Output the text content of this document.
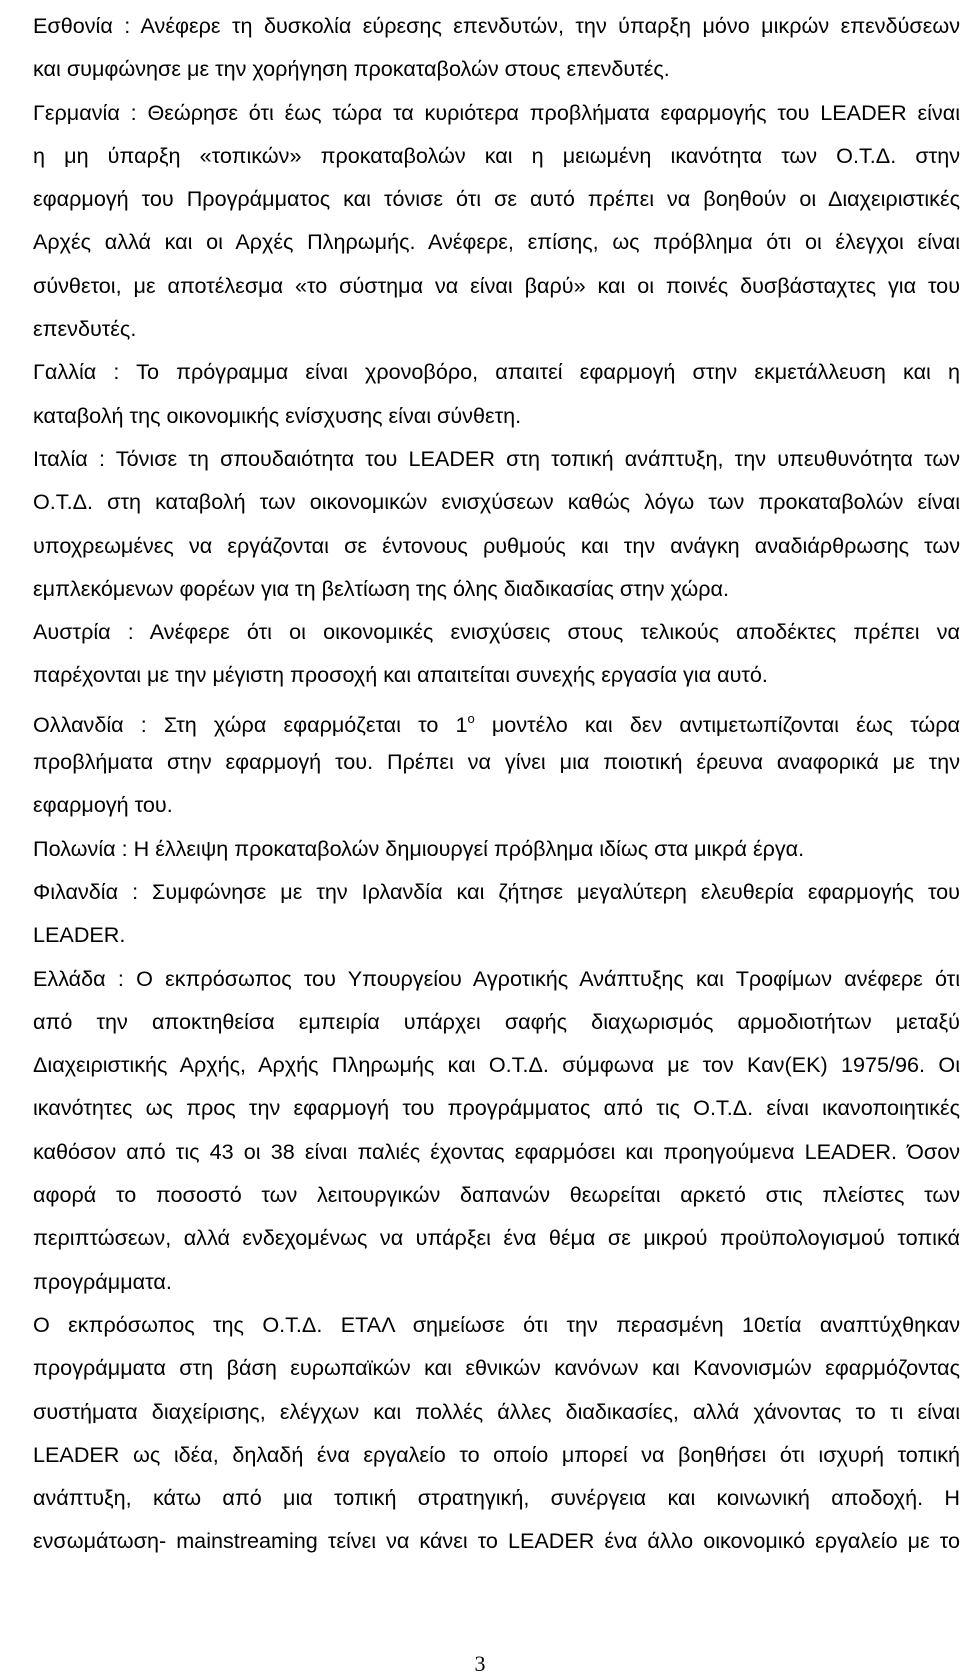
Εσθονία : Ανέφερε τη δυσκολία εύρεσης επενδυτών, την ύπαρξη μόνο μικρών επενδύσεων
και συμφώνησε με την χορήγηση προκαταβολών στους επενδυτές.
Γερμανία : Θεώρησε ότι έως τώρα τα κυριότερα προβλήματα εφαρμογής του LEADER είναι
η μη ύπαρξη «τοπικών» προκαταβολών και η μειωμένη ικανότητα των Ο.Τ.Δ. στην
εφαρμογή του Προγράμματος και τόνισε ότι σε αυτό πρέπει να βοηθούν οι Διαχειριστικές
Αρχές αλλά και οι Αρχές Πληρωμής. Ανέφερε, επίσης, ως πρόβλημα ότι οι έλεγχοι είναι
σύνθετοι, με αποτέλεσμα «το σύστημα να είναι βαρύ» και οι ποινές δυσβάσταχτες για του
επενδυτές.
Γαλλία : Το πρόγραμμα είναι χρονοβόρο, απαιτεί εφαρμογή στην εκμετάλλευση και η
καταβολή της οικονομικής ενίσχυσης είναι σύνθετη.
Ιταλία : Τόνισε τη σπουδαιότητα του LEADER στη τοπική ανάπτυξη, την υπευθυνότητα των
Ο.Τ.Δ. στη καταβολή των οικονομικών ενισχύσεων καθώς λόγω των προκαταβολών είναι
υποχρεωμένες να εργάζονται σε έντονους ρυθμούς και την ανάγκη αναδιάρθρωσης των
εμπλεκόμενων φορέων για τη βελτίωση της όλης διαδικασίας στην χώρα.
Αυστρία : Ανέφερε ότι οι οικονομικές ενισχύσεις στους τελικούς αποδέκτες πρέπει να
παρέχονται με την μέγιστη προσοχή και απαιτείται συνεχής εργασία για αυτό.
Ολλανδία : Στη χώρα εφαρμόζεται το $1^o$ μοντέλο και δεν αντιμετωπίζονται έως τώρα
προβλήματα στην εφαρμογή του. Πρέπει να γίνει μια ποιοτική έρευνα αναφορικά με την
εφαρμογή του.
Πολωνία : Η έλλειψη προκαταβολών δημιουργεί πρόβλημα ιδίως στα μικρά έργα.
Φιλανδία : Συμφώνησε με την Ιρλανδία και ζήτησε μεγαλύτερη ελευθερία εφαρμογής του
LEADER.
Ελλάδα : Ο εκπρόσωπος του Υπουργείου Αγροτικής Ανάπτυξης και Τροφίμων ανέφερε ότι
από την αποκτηθείσα εμπειρία υπάρχει σαφής διαχωρισμός αρμοδιοτήτων μεταξύ
Διαχειριστικής Αρχής, Αρχής Πληρωμής και Ο.Τ.Δ. σύμφωνα με τον Καν(ΕΚ) 1975/96. Οι
ικανότητες ως προς την εφαρμογή του προγράμματος από τις Ο.Τ.Δ. είναι ικανοποιητικές
καθόσον από τις 43 οι 38 είναι παλιές έχοντας εφαρμόσει και προηγούμενα LEADER. Όσον
αφορά το ποσοστό των λειτουργικών δαπανών θεωρείται αρκετό στις πλείστες των
περιπτώσεων, αλλά ενδεχομένως να υπάρξει ένα θέμα σε μικρού προϋπολογισμού τοπικά
προγράμματα.
Ο εκπρόσωπος της Ο.Τ.Δ. ΕΤΑΛ σημείωσε ότι την περασμένη 10ετία αναπτύχθηκαν
προγράμματα στη βάση ευρωπαϊκών και εθνικών κανόνων και Κανονισμών εφαρμόζοντας
συστήματα διαχείρισης, ελέγχων και πολλές άλλες διαδικασίες, αλλά χάνοντας το τι είναι
LEADER ως ιδέα, δηλαδή ένα εργαλείο το οποίο μπορεί να βοηθήσει ότι ισχυρή τοπική
ανάπτυξη, κάτω από μια τοπική στρατηγική, συνέργεια και κοινωνική αποδοχή. Η
ενσωμάτωση- mainstreaming τείνει να κάνει το LEADER ένα άλλο οικονομικό εργαλείο με το
3
